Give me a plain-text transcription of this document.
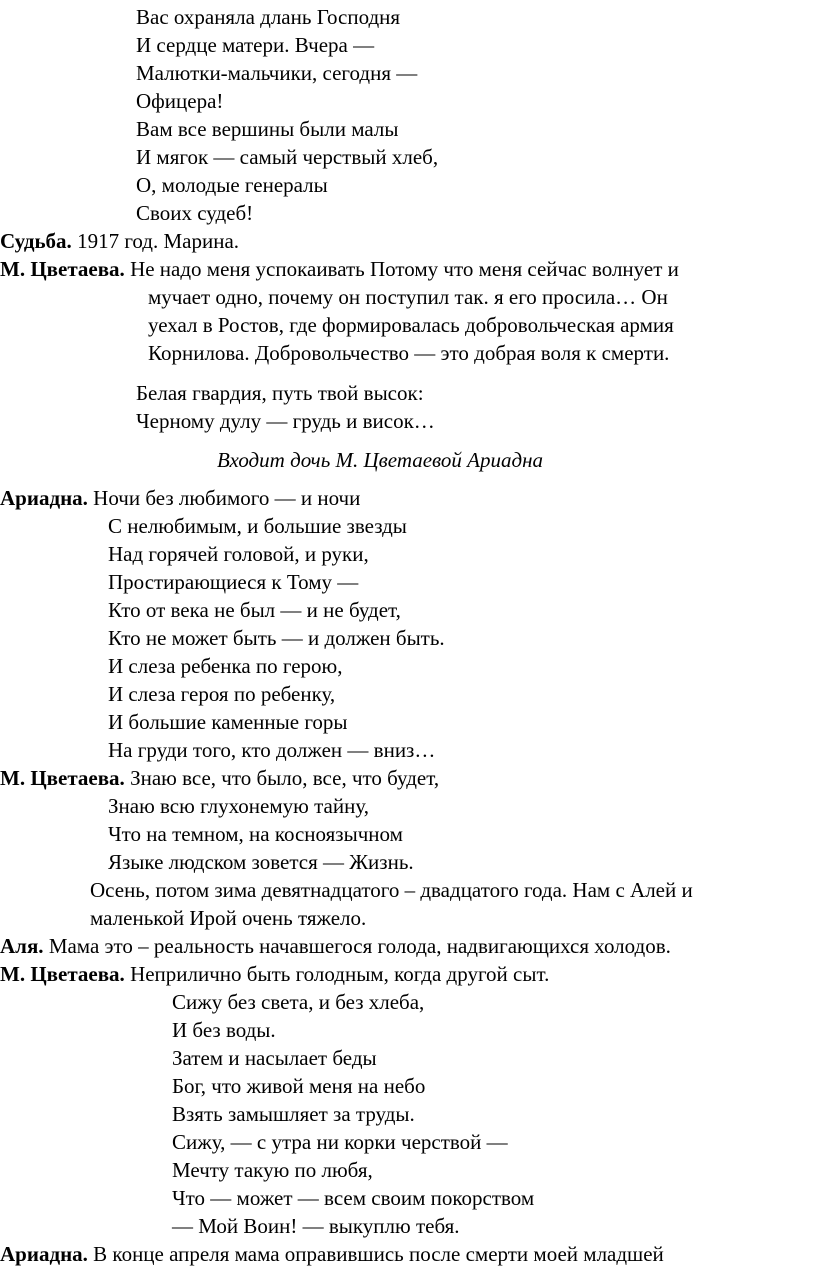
Вас охраняла длань Господня
И сердце матери. Вчера —
Малютки-мальчики, сегодня —
Офицера!
Вам все вершины были малы
И мягок — самый черствый хлеб,
О, молодые генералы
Своих судеб!
Судьба. 1917 год. Марина.
М. Цветаева. Не надо меня успокаивать Потому что меня сейчас волнует и
мучает одно, почему он поступил так. я его просила… Он
уехал в Ростов, где формировалась добровольческая армия
Корнилова. Добровольчество — это добрая воля к смерти.
Белая гвардия, путь твой высок:
Черному дулу — грудь и висок…
Входит дочь М. Цветаевой Ариадна
Ариадна. Ночи без любимого — и ночи
С нелюбимым, и большие звезды
Над горячей головой, и руки,
Простирающиеся к Тому —
Кто от века не был — и не будет,
Кто не может быть — и должен быть.
И слеза ребенка по герою,
И слеза героя по ребенку,
И большие каменные горы
На груди того, кто должен — вниз…
М. Цветаева. Знаю все, что было, все, что будет,
Знаю всю глухонемую тайну,
Что на темном, на косноязычном
Языке людском зовется — Жизнь.
Осень, потом зима девятнадцатого – двадцатого года. Нам с Алей и
маленькой Ирой очень тяжело.
Аля. Мама это – реальность начавшегося голода, надвигающихся холодов.
М. Цветаева. Неприлично быть голодным, когда другой сыт.
Сижу без света, и без хлеба,
И без воды.
Затем и насылает беды
Бог, что живой меня на небо
Взять замышляет за труды.
Сижу, — с утра ни корки черствой —
Мечту такую по любя,
Что — может — всем своим покорством
— Мой Воин! — выкуплю тебя.
Ариадна. В конце апреля мама оправившись после смерти моей младшей
